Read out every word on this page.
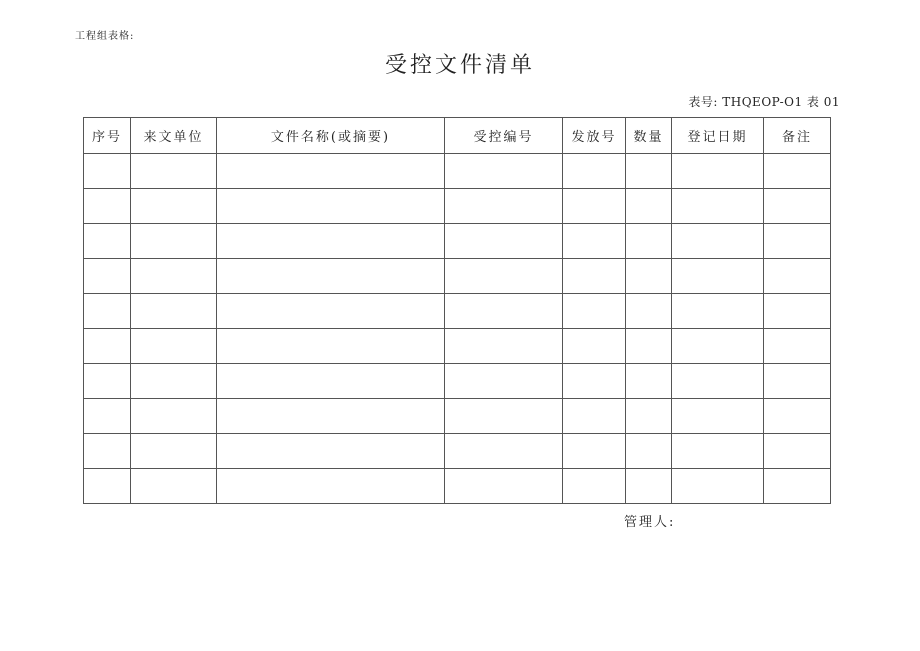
工程组表格:
受控文件清单
表号: THQEOP-O1 表 01
序号	来文单位	文件名称(或摘要)	受控编号	发放号	数量	登记日期	备注

管理人:
